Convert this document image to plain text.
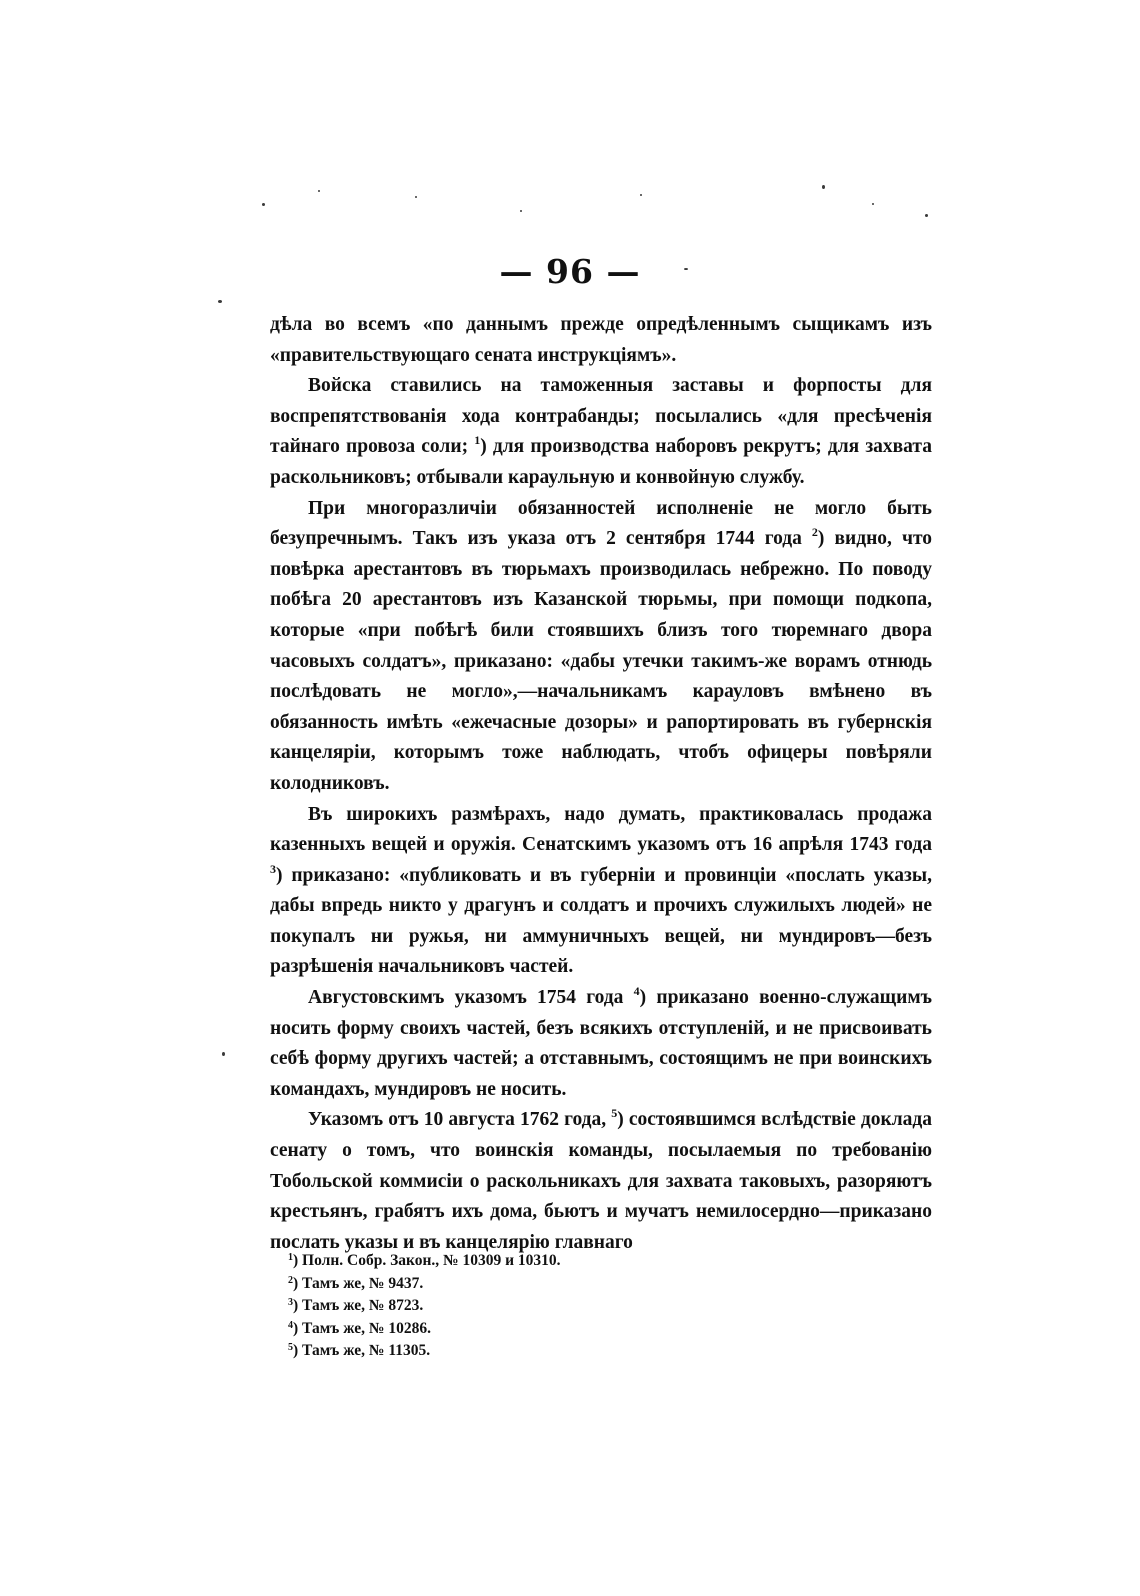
— 96 —

дѣла во всемъ «по даннымъ прежде опредѣленнымъ сыщикамъ изъ «правительствующаго сената инструкціямъ».

Войска ставились на таможенныя заставы и форпосты для воспрепятствованія хода контрабанды; посылались «для пресѣченія тайнаго провоза соли; $^1$) для производства наборовъ рекрутъ; для захвата раскольниковъ; отбывали караульную и конвойную службу.

При многоразличіи обязанностей исполненіе не могло быть безупречнымъ. Такъ изъ указа отъ 2 сентября 1744 года $^2$) видно, что повѣрка арестантовъ въ тюрьмахъ производилась небрежно. По поводу побѣга 20 арестантовъ изъ Казанской тюрьмы, при помощи подкопа, которые «при побѣгѣ били стоявшихъ близъ того тюремнаго двора часовыхъ солдатъ», приказано: «дабы утечки такимъ-же ворамъ отнюдь послѣдовать не могло»,—начальникамъ карауловъ вмѣнено въ обязанность имѣть «ежечасные дозоры» и рапортировать въ губернскія канцеляріи, которымъ тоже наблюдать, чтобъ офицеры повѣряли колодниковъ.

Въ широкихъ размѣрахъ, надо думать, практиковалась продажа казенныхъ вещей и оружія. Сенатскимъ указомъ отъ 16 апрѣля 1743 года $^3$) приказано: «публиковать и въ губерніи и провинціи «послать указы, дабы впредь никто у драгунъ и солдатъ и прочихъ служилыхъ людей» не покупалъ ни ружья, ни аммуничныхъ вещей, ни мундировъ—безъ разрѣшенія начальниковъ частей.

Августовскимъ указомъ 1754 года $^4$) приказано военно-служащимъ носить форму своихъ частей, безъ всякихъ отступленій, и не присвоивать себѣ форму другихъ частей; а отставнымъ, состоящимъ не при воинскихъ командахъ, мундировъ не носить.

Указомъ отъ 10 августа 1762 года, $^5$) состоявшимся вслѣдствіе доклада сенату о томъ, что воинскія команды, посылаемыя по требованію Тобольской коммисіи о раскольникахъ для захвата таковыхъ, разоряютъ крестьянъ, грабятъ ихъ дома, бьютъ и мучатъ немилосердно—приказано послать указы и въ канцелярію главнаго

$^1$) Полн. Собр. Закон., № 10309 и 10310.
$^2$) Тамъ же, № 9437.
$^3$) Тамъ же, № 8723.
$^4$) Тамъ же, № 10286.
$^5$) Тамъ же, № 11305.
